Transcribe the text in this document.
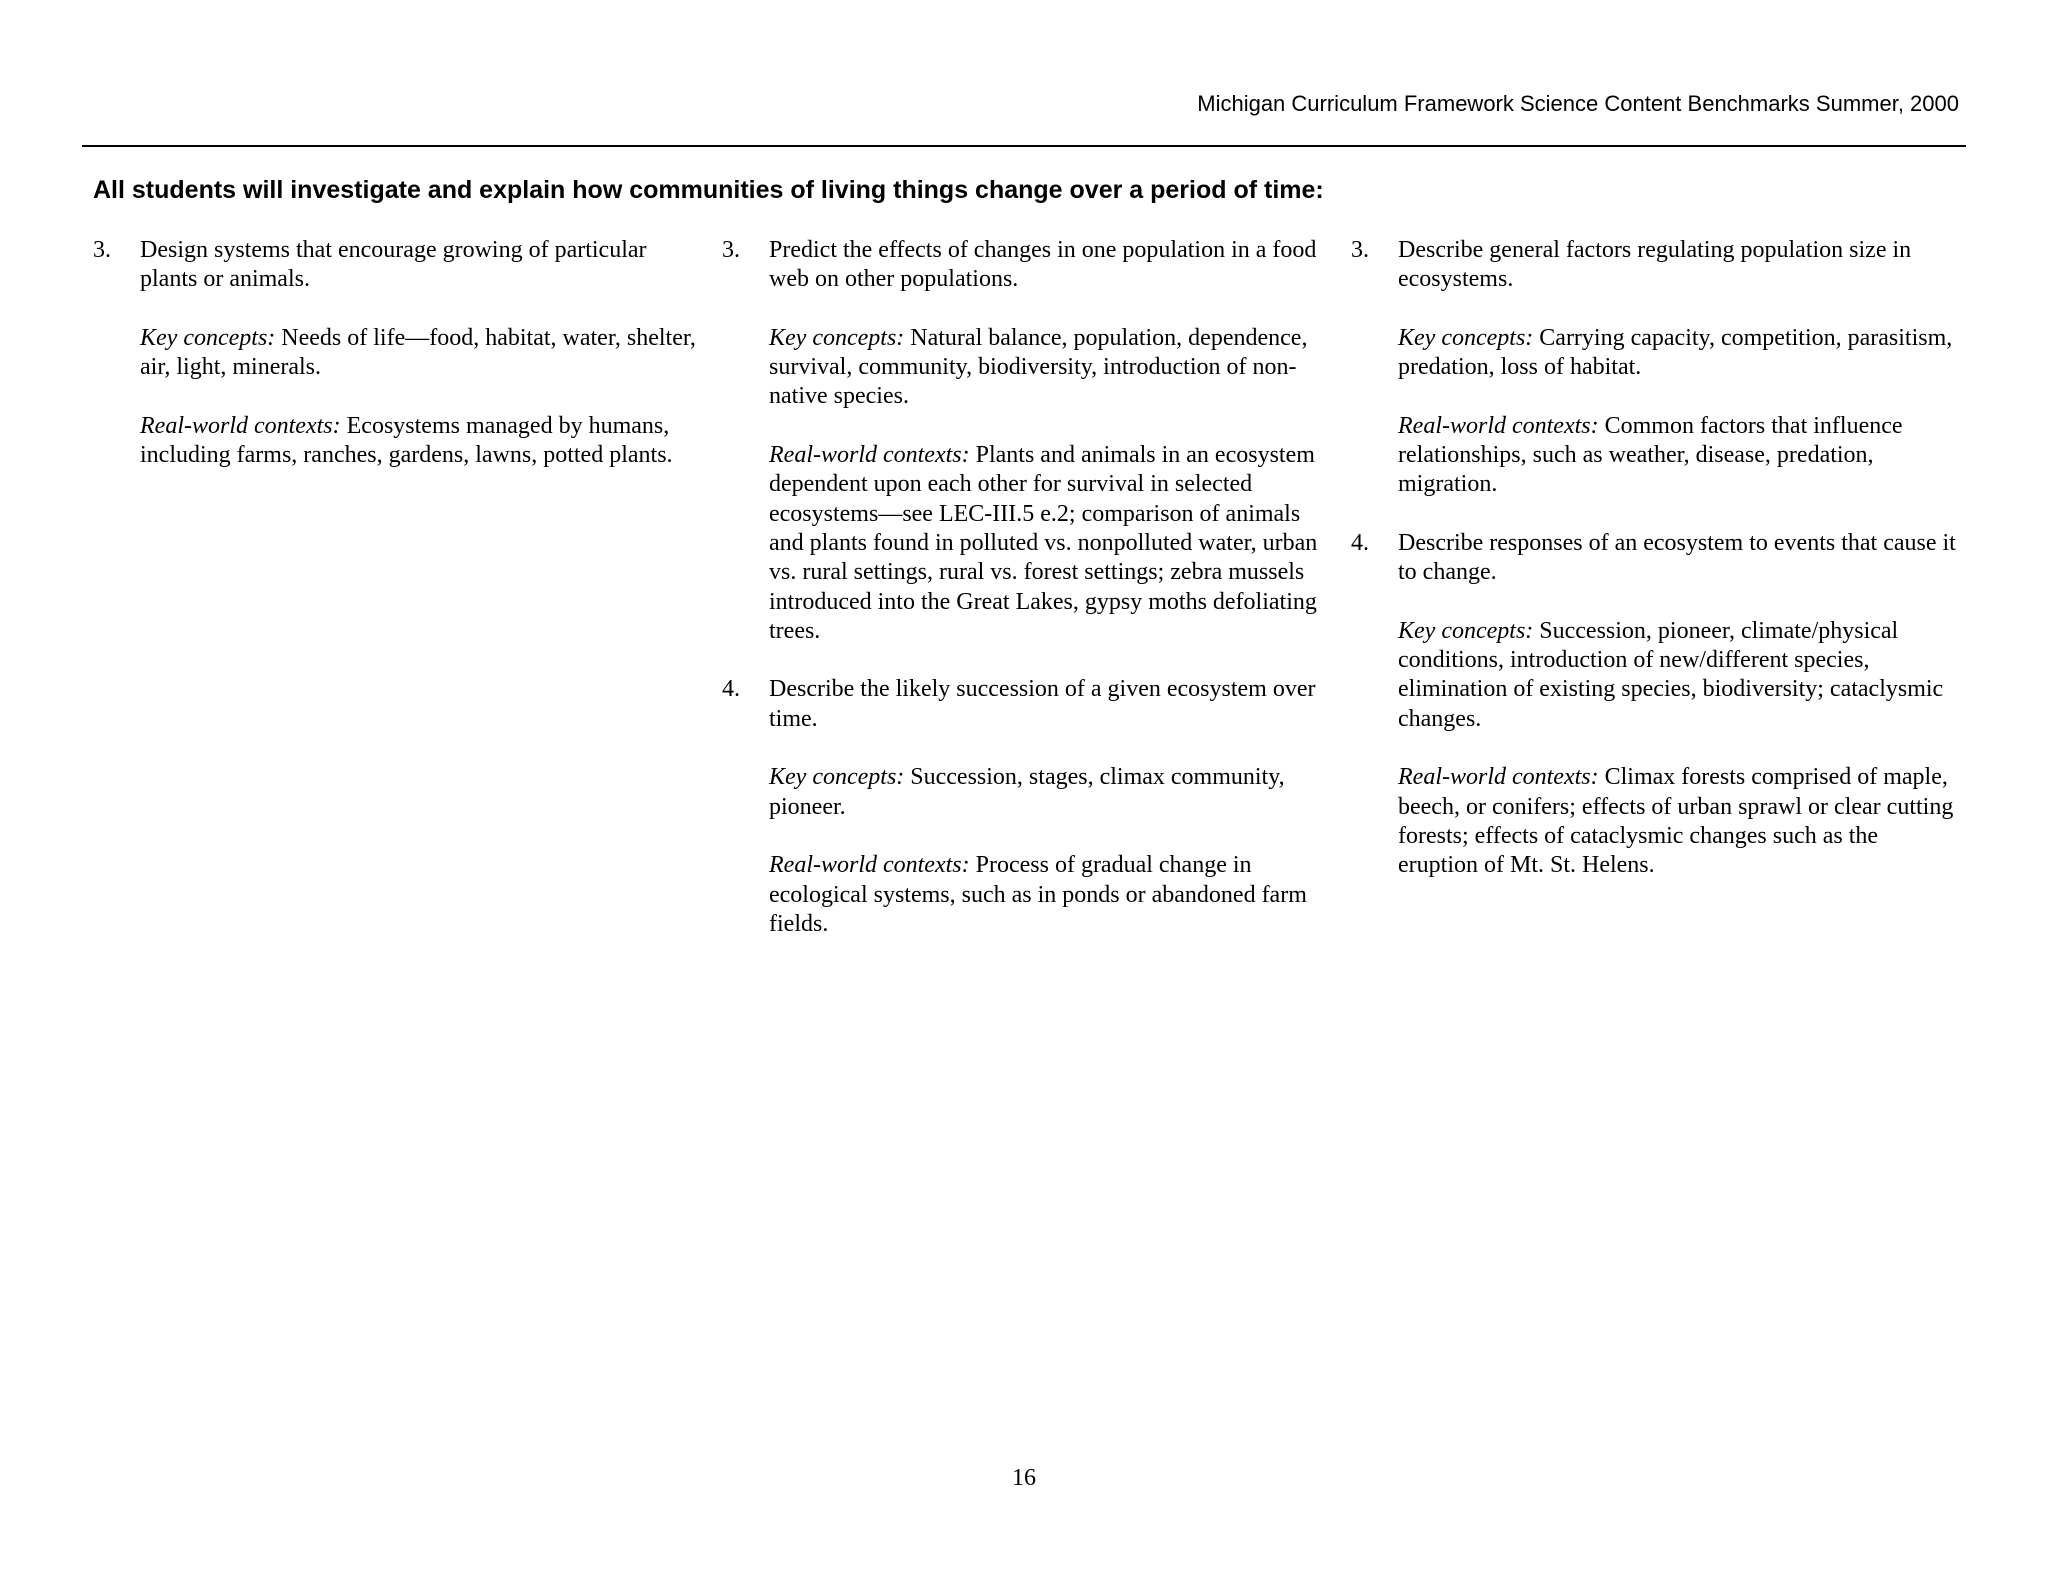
Michigan Curriculum Framework Science Content Benchmarks Summer, 2000
All students will investigate and explain how communities of living things change over a period of time:
3. Design systems that encourage growing of particular plants or animals.

Key concepts: Needs of life—food, habitat, water, shelter, air, light, minerals.

Real-world contexts: Ecosystems managed by humans, including farms, ranches, gardens, lawns, potted plants.

3. Predict the effects of changes in one population in a food web on other populations.

Key concepts: Natural balance, population, dependence, survival, community, biodiversity, introduction of non-native species.

Real-world contexts: Plants and animals in an ecosystem dependent upon each other for survival in selected ecosystems—see LEC-III.5 e.2; comparison of animals and plants found in polluted vs. nonpolluted water, urban vs. rural settings, rural vs. forest settings; zebra mussels introduced into the Great Lakes, gypsy moths defoliating trees.

4. Describe the likely succession of a given ecosystem over time.

Key concepts: Succession, stages, climax community, pioneer.

Real-world contexts: Process of gradual change in ecological systems, such as in ponds or abandoned farm fields.

3. Describe general factors regulating population size in ecosystems.

Key concepts: Carrying capacity, competition, parasitism, predation, loss of habitat.

Real-world contexts: Common factors that influence relationships, such as weather, disease, predation, migration.

4. Describe responses of an ecosystem to events that cause it to change.

Key concepts: Succession, pioneer, climate/physical conditions, introduction of new/different species, elimination of existing species, biodiversity; cataclysmic changes.

Real-world contexts: Climax forests comprised of maple, beech, or conifers; effects of urban sprawl or clear cutting forests; effects of cataclysmic changes such as the eruption of Mt. St. Helens.

16
